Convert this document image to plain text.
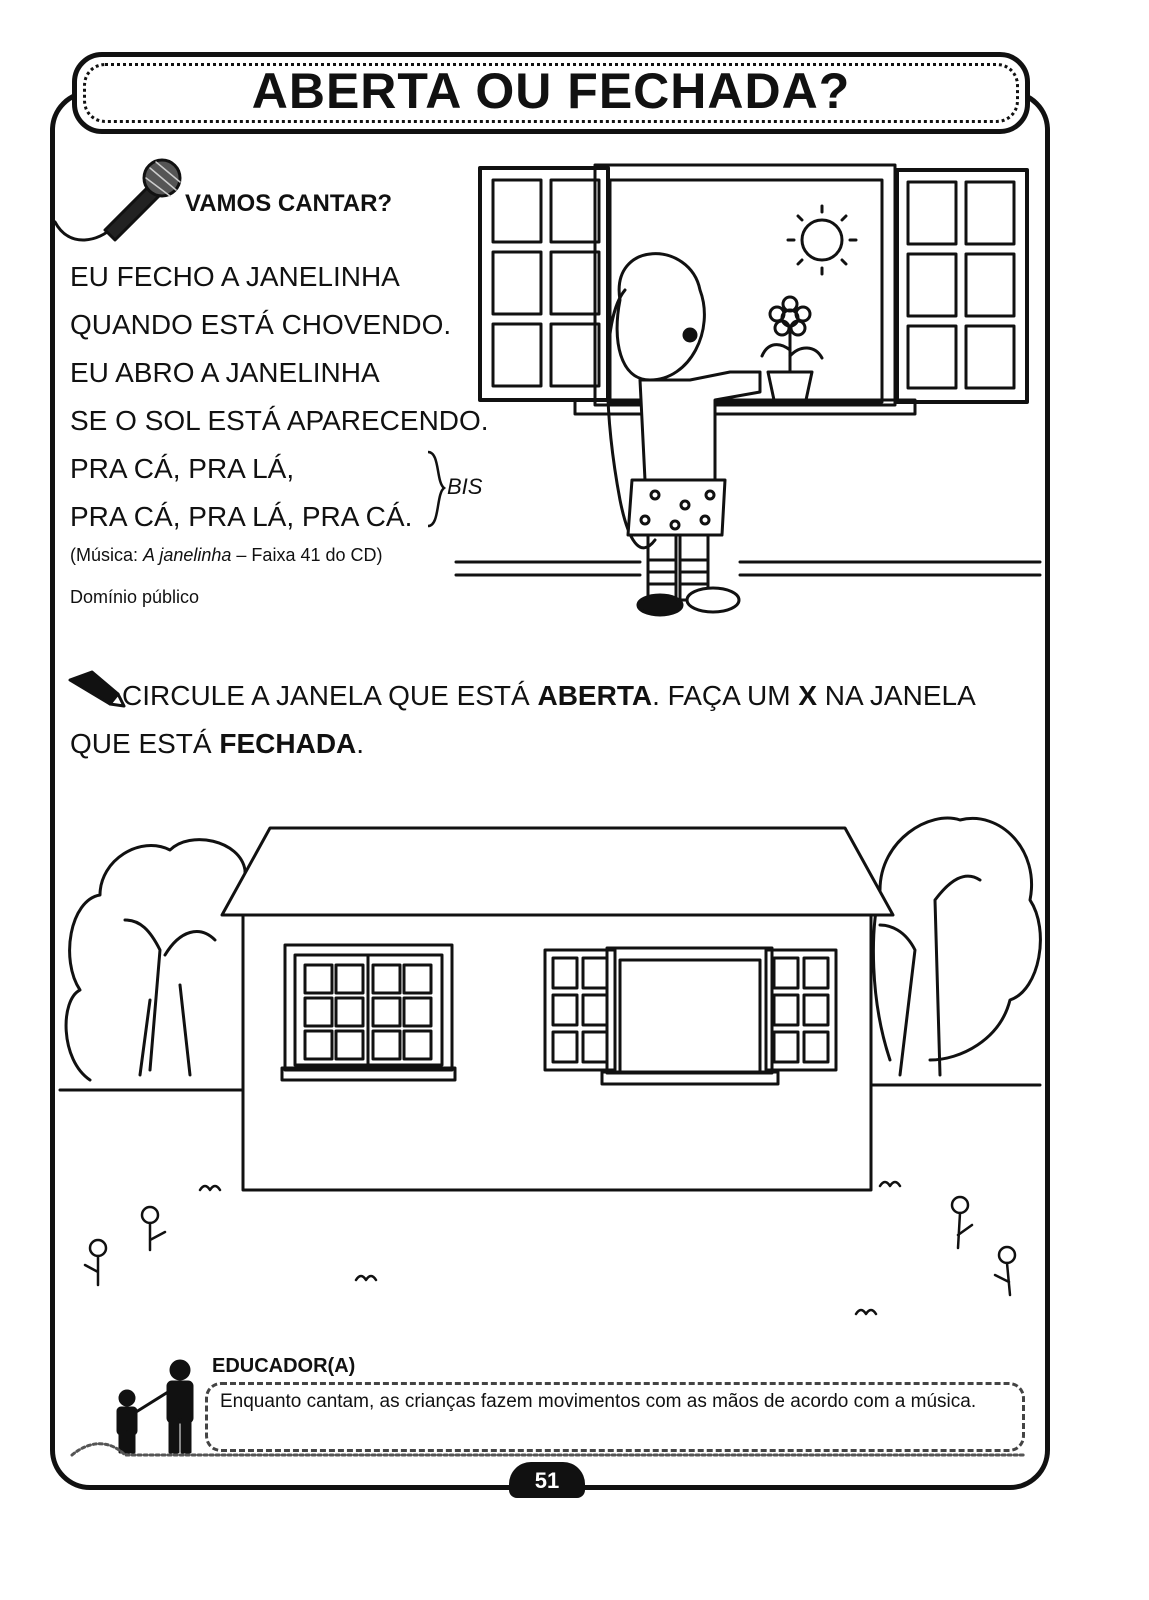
ABERTA OU FECHADA?
VAMOS CANTAR?
EU FECHO A JANELINHA
QUANDO ESTÁ CHOVENDO.
EU ABRO A JANELINHA
SE O SOL ESTÁ APARECENDO.
PRA CÁ, PRA LÁ,
PRA CÁ, PRA LÁ, PRA CÁ.
BIS
(Música: A janelinha – Faixa 41 do CD)
Domínio público
CIRCULE A JANELA QUE ESTÁ ABERTA. FAÇA UM X NA JANELA QUE ESTÁ FECHADA.
EDUCADOR(A)
Enquanto cantam, as crianças fazem movimentos com as mãos de acordo com a música.
51
